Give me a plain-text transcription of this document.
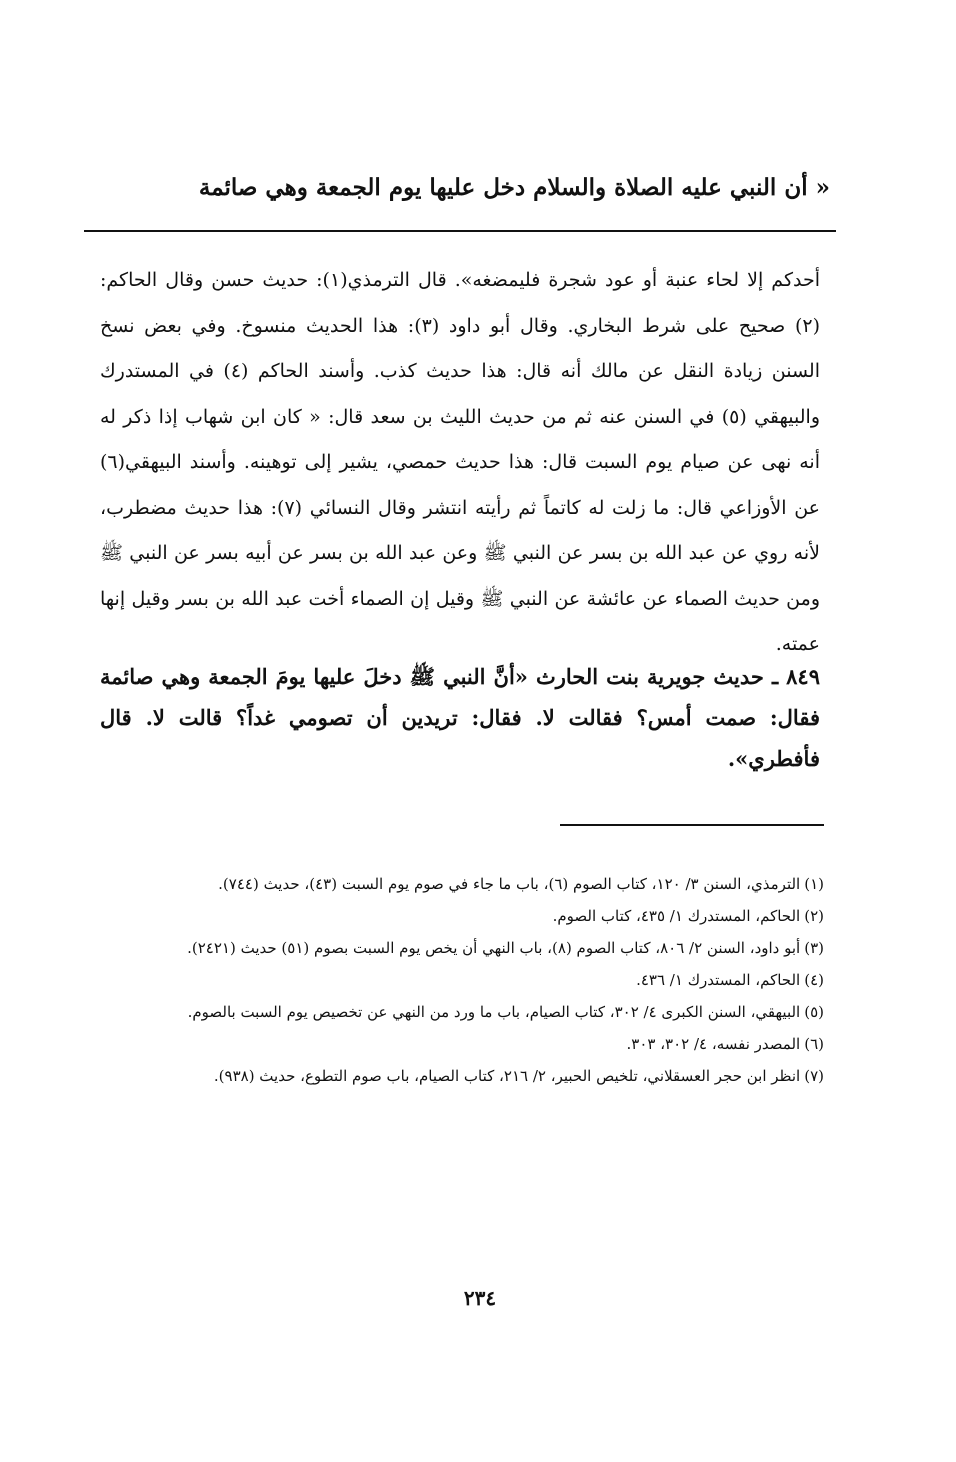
« أن النبي عليه الصلاة والسلام دخل عليها يوم الجمعة وهي صائمة

أحدكم إلا لحاء عنبة أو عود شجرة فليمضغه». قال الترمذي(١): حديث حسن وقال الحاكم: (٢) صحيح على شرط البخاري. وقال أبو داود (٣): هذا الحديث منسوخ. وفي بعض نسخ السنن زيادة النقل عن مالك أنه قال: هذا حديث كذب. وأسند الحاكم (٤) في المستدرك والبيهقي (٥) في السنن عنه ثم من حديث الليث بن سعد قال: « كان ابن شهاب إذا ذكر له أنه نهى عن صيام يوم السبت قال: هذا حديث حمصي، يشير إلى توهينه. وأسند البيهقي(٦) عن الأوزاعي قال: ما زلت له كاتماً ثم رأيته انتشر وقال النسائي (٧): هذا حديث مضطرب، لأنه روي عن عبد الله بن بسر عن النبي ﷺ وعن عبد الله بن بسر عن أبيه بسر عن النبي ﷺ ومن حديث الصماء عن عائشة عن النبي ﷺ وقيل إن الصماء أخت عبد الله بن بسر وقيل إنها عمته.

٨٤٩ ـ حديث جويرية بنت الحارث «أنَّ النبي ﷺ دخلَ عليها يومَ الجمعة وهي صائمة فقال: صمت أمس؟ فقالت لا. فقال: تريدين أن تصومي غداً؟ قالت لا. قال فأفطري».

(١)الترمذي، السنن ٣/ ١٢٠، كتاب الصوم (٦)، باب ما جاء في صوم يوم السبت (٤٣)، حديث (٧٤٤).

(٢)الحاكم، المستدرك ١/ ٤٣٥، كتاب الصوم.

(٣)أبو داود، السنن ٢/ ٨٠٦، كتاب الصوم (٨)، باب النهي أن يخص يوم السبت بصوم (٥١) حديث (٢٤٢١).

(٤)الحاكم، المستدرك ١/ ٤٣٦.

(٥)البيهقي، السنن الكبرى ٤/ ٣٠٢، كتاب الصيام، باب ما ورد من النهي عن تخصيص يوم السبت بالصوم.

(٦)المصدر نفسه، ٤/ ٣٠٢، ٣٠٣.

(٧)انظر ابن حجر العسقلاني، تلخيص الحبير، ٢/ ٢١٦، كتاب الصيام، باب صوم التطوع، حديث (٩٣٨).

٢٣٤
